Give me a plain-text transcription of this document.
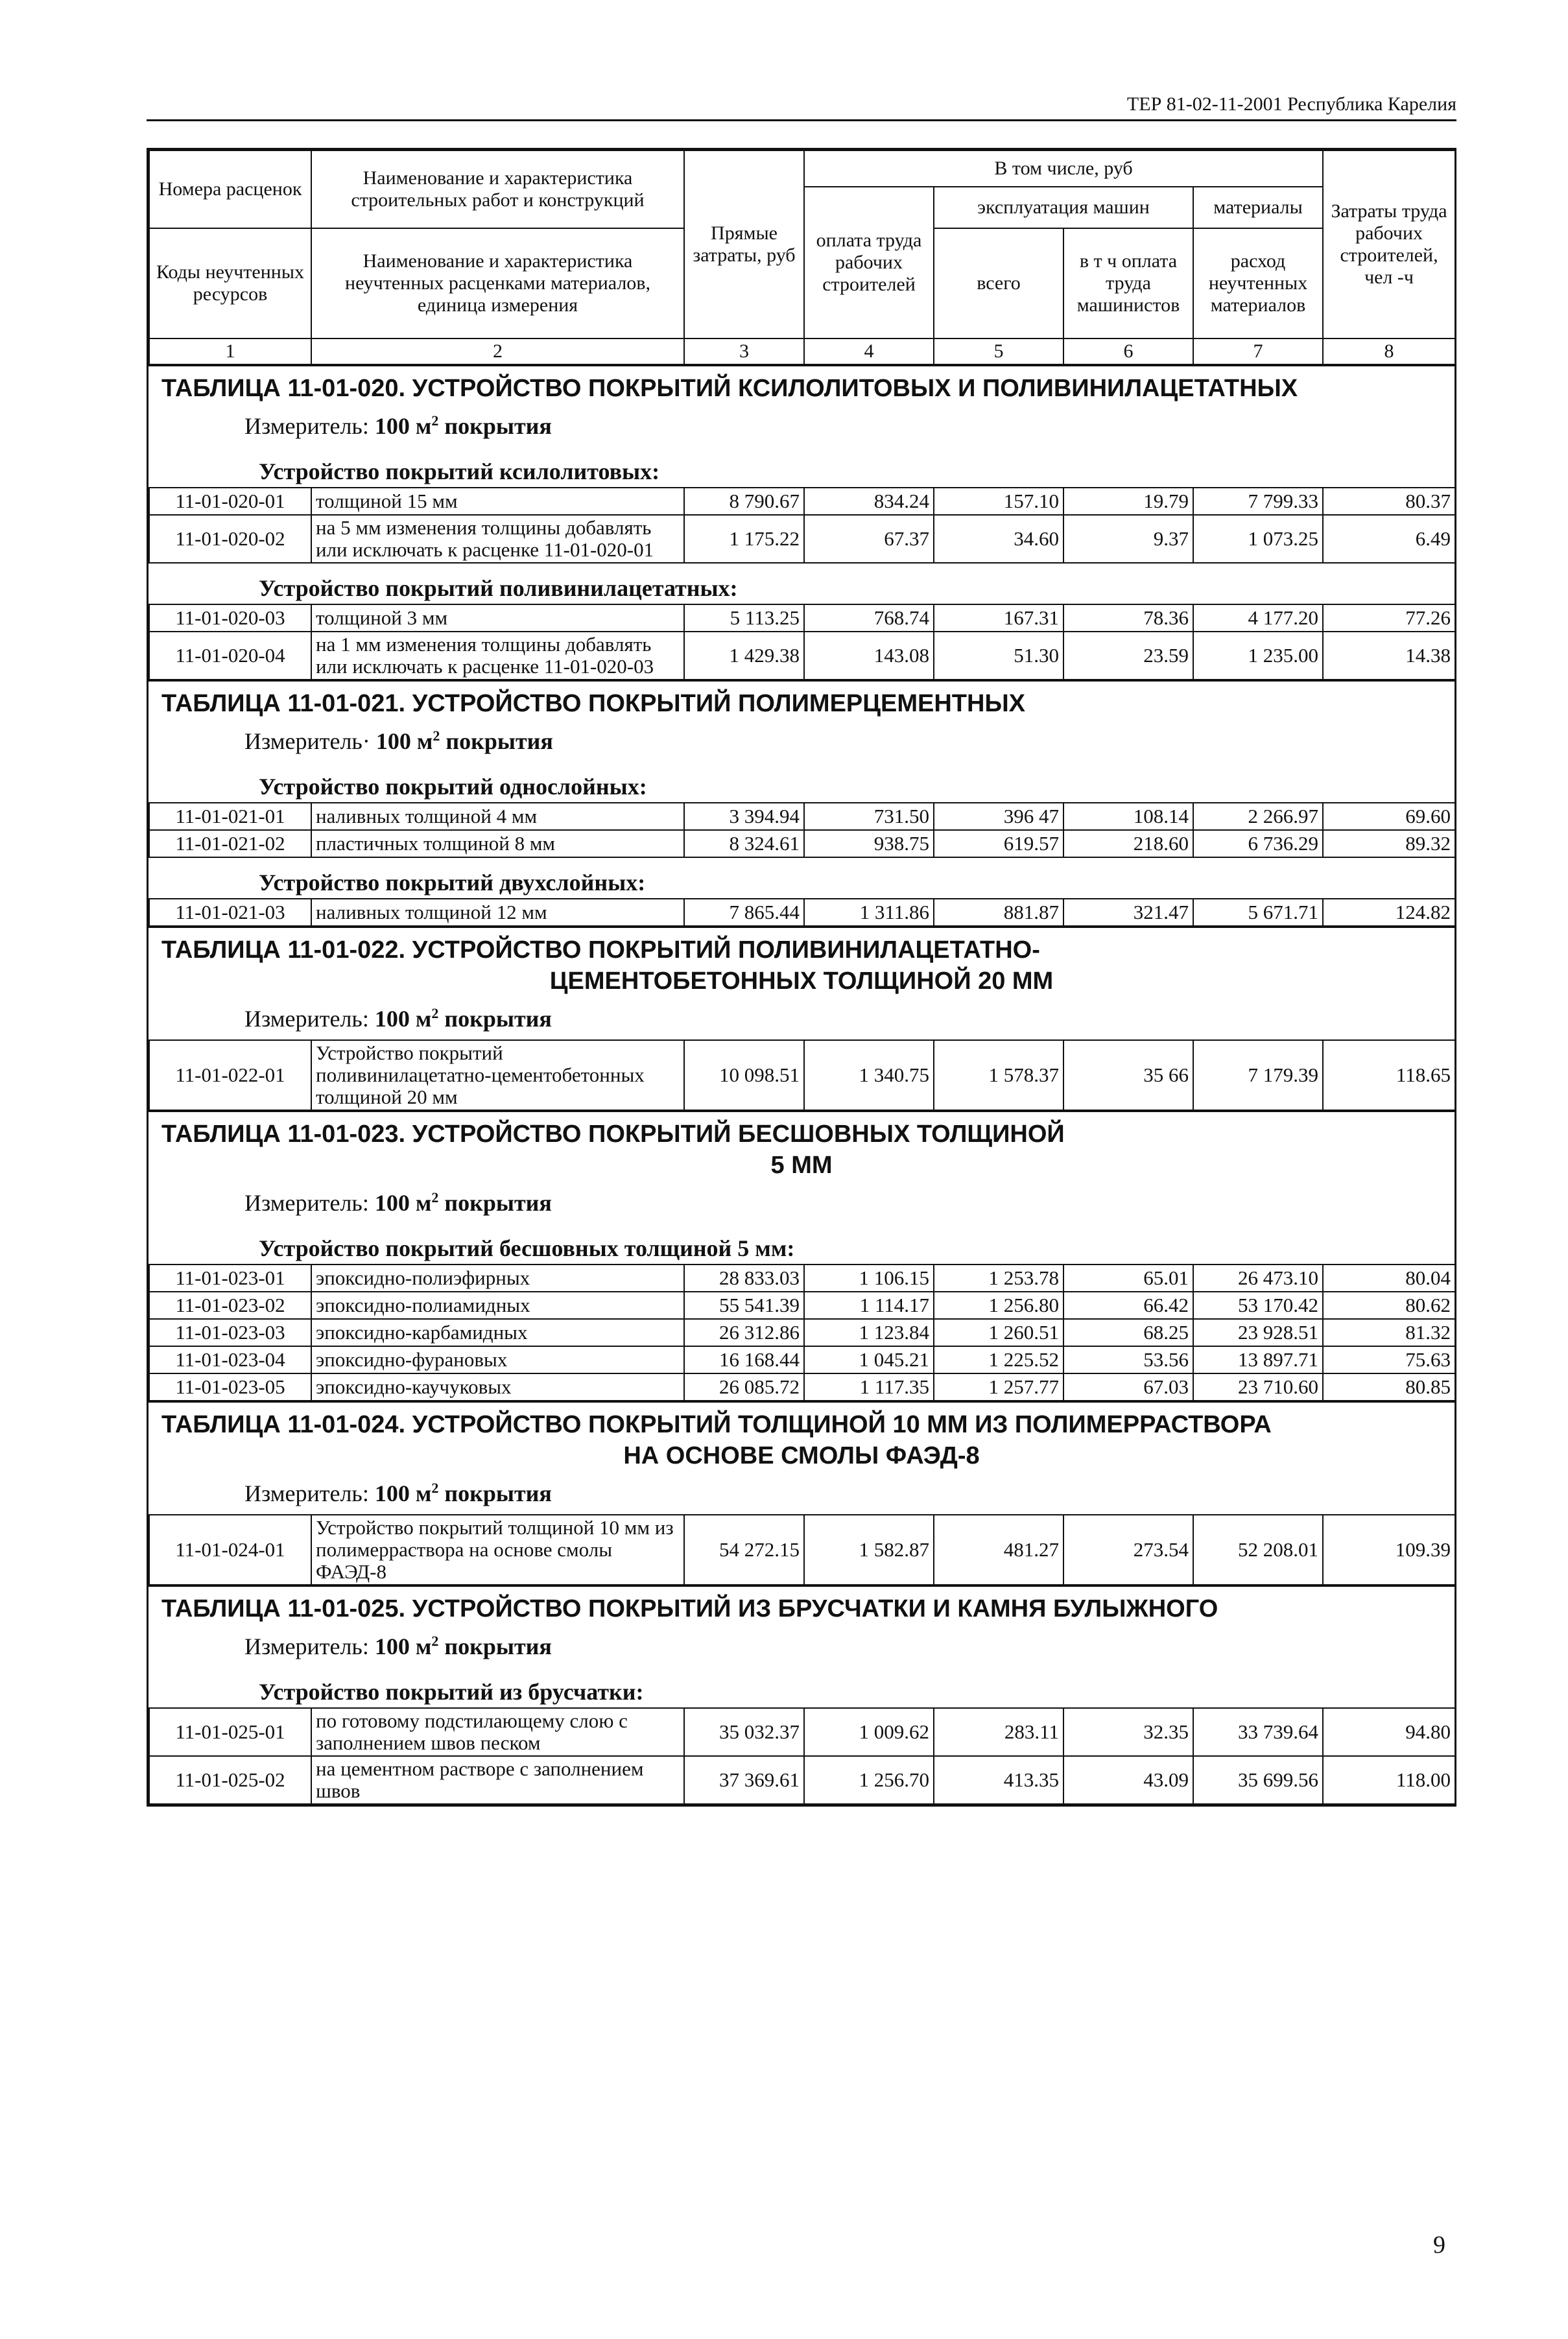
ТЕР 81-02-11-2001 Республика Карелия
Номера расценок	Наименование и характеристика строительных работ и конструкций	Прямые затраты, руб	В том числе, руб				Затраты труда рабочих строителей, чел -ч
			оплата труда рабочих строителей	эксплуатация машин		материалы	
Коды неучтенных ресурсов	Наименование и характеристика неучтенных расценками материалов, единица измерения			всего	в т ч оплата труда машинистов	расход неучтенных материалов	

1	2	3	4	5	6	7	8
ТАБЛИЦА 11-01-020. УСТРОЙСТВО ПОКРЫТИЙ КСИЛОЛИТОВЫХ И ПОЛИВИНИЛАЦЕТАТНЫХ
Измеритель: 100 $м^2$ покрытия
Устройство покрытий ксилолитовых:
11-01-020-01	толщиной 15 мм	8 790.67	834.24	157.10	19.79	7 799.33	80.37
11-01-020-02	на 5 мм изменения толщины добавлять или исключать к расценке 11-01-020-01	1 175.22	67.37	34.60	9.37	1 073.25	6.49
Устройство покрытий поливинилацетатных:
11-01-020-03	толщиной 3 мм	5 113.25	768.74	167.31	78.36	4 177.20	77.26
11-01-020-04	на 1 мм изменения толщины добавлять или исключать к расценке 11-01-020-03	1 429.38	143.08	51.30	23.59	1 235.00	14.38
ТАБЛИЦА 11-01-021. УСТРОЙСТВО ПОКРЫТИЙ ПОЛИМЕРЦЕМЕНТНЫХ
Измеритель· 100 $м^2$ покрытия
Устройство покрытий однослойных:
11-01-021-01	наливных толщиной 4 мм	3 394.94	731.50	396 47	108.14	2 266.97	69.60
11-01-021-02	пластичных толщиной 8 мм	8 324.61	938.75	619.57	218.60	6 736.29	89.32
Устройство покрытий двухслойных:
11-01-021-03	наливных толщиной 12 мм	7 865.44	1 311.86	881.87	321.47	5 671.71	124.82
ТАБЛИЦА 11-01-022. УСТРОЙСТВО ПОКРЫТИЙ ПОЛИВИНИЛАЦЕТАТНО-
ЦЕМЕНТОБЕТОННЫХ ТОЛЩИНОЙ 20 ММ
Измеритель: 100 $м^2$ покрытия
11-01-022-01	Устройство покрытий поливинилацетатно-цементобетонных толщиной 20 мм	10 098.51	1 340.75	1 578.37	35 66	7 179.39	118.65
ТАБЛИЦА 11-01-023. УСТРОЙСТВО ПОКРЫТИЙ БЕСШОВНЫХ ТОЛЩИНОЙ
5 ММ
Измеритель: 100 $м^2$ покрытия
Устройство покрытий бесшовных толщиной 5 мм:
11-01-023-01	эпоксидно-полиэфирных	28 833.03	1 106.15	1 253.78	65.01	26 473.10	80.04
11-01-023-02	эпоксидно-полиамидных	55 541.39	1 114.17	1 256.80	66.42	53 170.42	80.62
11-01-023-03	эпоксидно-карбамидных	26 312.86	1 123.84	1 260.51	68.25	23 928.51	81.32
11-01-023-04	эпоксидно-фурановых	16 168.44	1 045.21	1 225.52	53.56	13 897.71	75.63
11-01-023-05	эпоксидно-каучуковых	26 085.72	1 117.35	1 257.77	67.03	23 710.60	80.85
ТАБЛИЦА 11-01-024. УСТРОЙСТВО ПОКРЫТИЙ ТОЛЩИНОЙ 10 ММ ИЗ ПОЛИМЕРРАСТВОРА
НА ОСНОВЕ СМОЛЫ ФАЭД-8
Измеритель: 100 $м^2$ покрытия
11-01-024-01	Устройство покрытий толщиной 10 мм из полимерраствора на основе смолы ФАЭД-8	54 272.15	1 582.87	481.27	273.54	52 208.01	109.39
ТАБЛИЦА 11-01-025. УСТРОЙСТВО ПОКРЫТИЙ ИЗ БРУСЧАТКИ И КАМНЯ БУЛЫЖНОГО
Измеритель: 100 $м^2$ покрытия
Устройство покрытий из брусчатки:
11-01-025-01	по готовому подстилающему слою с заполнением швов песком	35 032.37	1 009.62	283.11	32.35	33 739.64	94.80
11-01-025-02	на цементном растворе с заполнением швов	37 369.61	1 256.70	413.35	43.09	35 699.56	118.00
9
